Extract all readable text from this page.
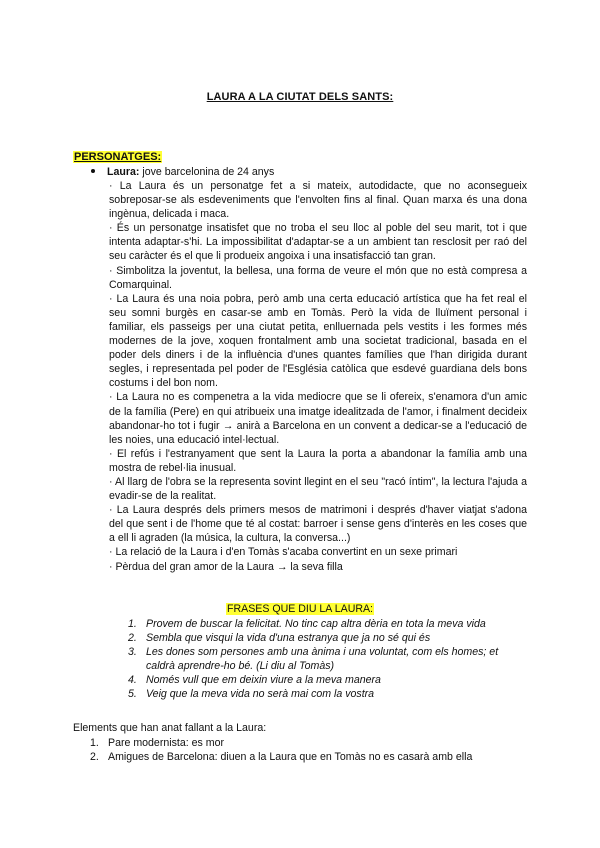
LAURA A LA CIUTAT DELS SANTS:
PERSONATGES:
Laura: jove barcelonina de 24 anys

· La Laura és un personatge fet a si mateix, autodidacte, que no aconsegueix sobreposar-se als esdeveniments que l'envolten fins al final. Quan marxa és una dona ingènua, delicada i maca.

· És un personatge insatisfet que no troba el seu lloc al poble del seu marit, tot i que intenta adaptar-s'hi. La impossibilitat d'adaptar-se a un ambient tan resclosit per raó del seu caràcter és el que li produeix angoixa i una insatisfacció tan gran.

· Simbolitza la joventut, la bellesa, una forma de veure el món que no està compresa a Comarquinal.

· La Laura és una noia pobra, però amb una certa educació artística que ha fet real el seu somni burgès en casar-se amb en Tomàs. Però la vida de lluïment personal i familiar, els passeigs per una ciutat petita, enlluernada pels vestits i les formes més modernes de la jove, xoquen frontalment amb una societat tradicional, basada en el poder dels diners i de la influència d'unes quantes famílies que l'han dirigida durant segles, i representada pel poder de l'Església catòlica que esdevé guardiana dels bons costums i del bon nom.

· La Laura no es compenetra a la vida mediocre que se li ofereix, s'enamora d'un amic de la família (Pere) en qui atribueix una imatge idealitzada de l'amor, i finalment decideix abandonar-ho tot i fugir → anirà a Barcelona en un convent a dedicar-se a l'educació de les noies, una educació intel·lectual.

· El refús i l'estranyament que sent la Laura la porta a abandonar la família amb una mostra de rebel·lia inusual.

· Al llarg de l'obra se la representa sovint llegint en el seu "racó íntim", la lectura l'ajuda a evadir-se de la realitat.

· La Laura després dels primers mesos de matrimoni i després d'haver viatjat s'adona del que sent i de l'home que té al costat: barroer i sense gens d'interès en les coses que a ell li agraden (la música, la cultura, la conversa...)

· La relació de la Laura i d'en Tomàs s'acaba convertint en un sexe primari

· Pèrdua del gran amor de la Laura → la seva filla

FRASES QUE DIU LA LAURA:
1. Provem de buscar la felicitat. No tinc cap altra dèria en tota la meva vida
2. Sembla que visqui la vida d'una estranya que ja no sé qui és
3. Les dones som persones amb una ànima i una voluntat, com els homes; et caldrà aprendre-ho bé. (Li diu al Tomàs)
4. Només vull que em deixin viure a la meva manera
5. Veig que la meva vida no serà mai com la vostra
Elements que han anat fallant a la Laura:
1. Pare modernista: es mor
2. Amigues de Barcelona: diuen a la Laura que en Tomàs no es casarà amb ella
